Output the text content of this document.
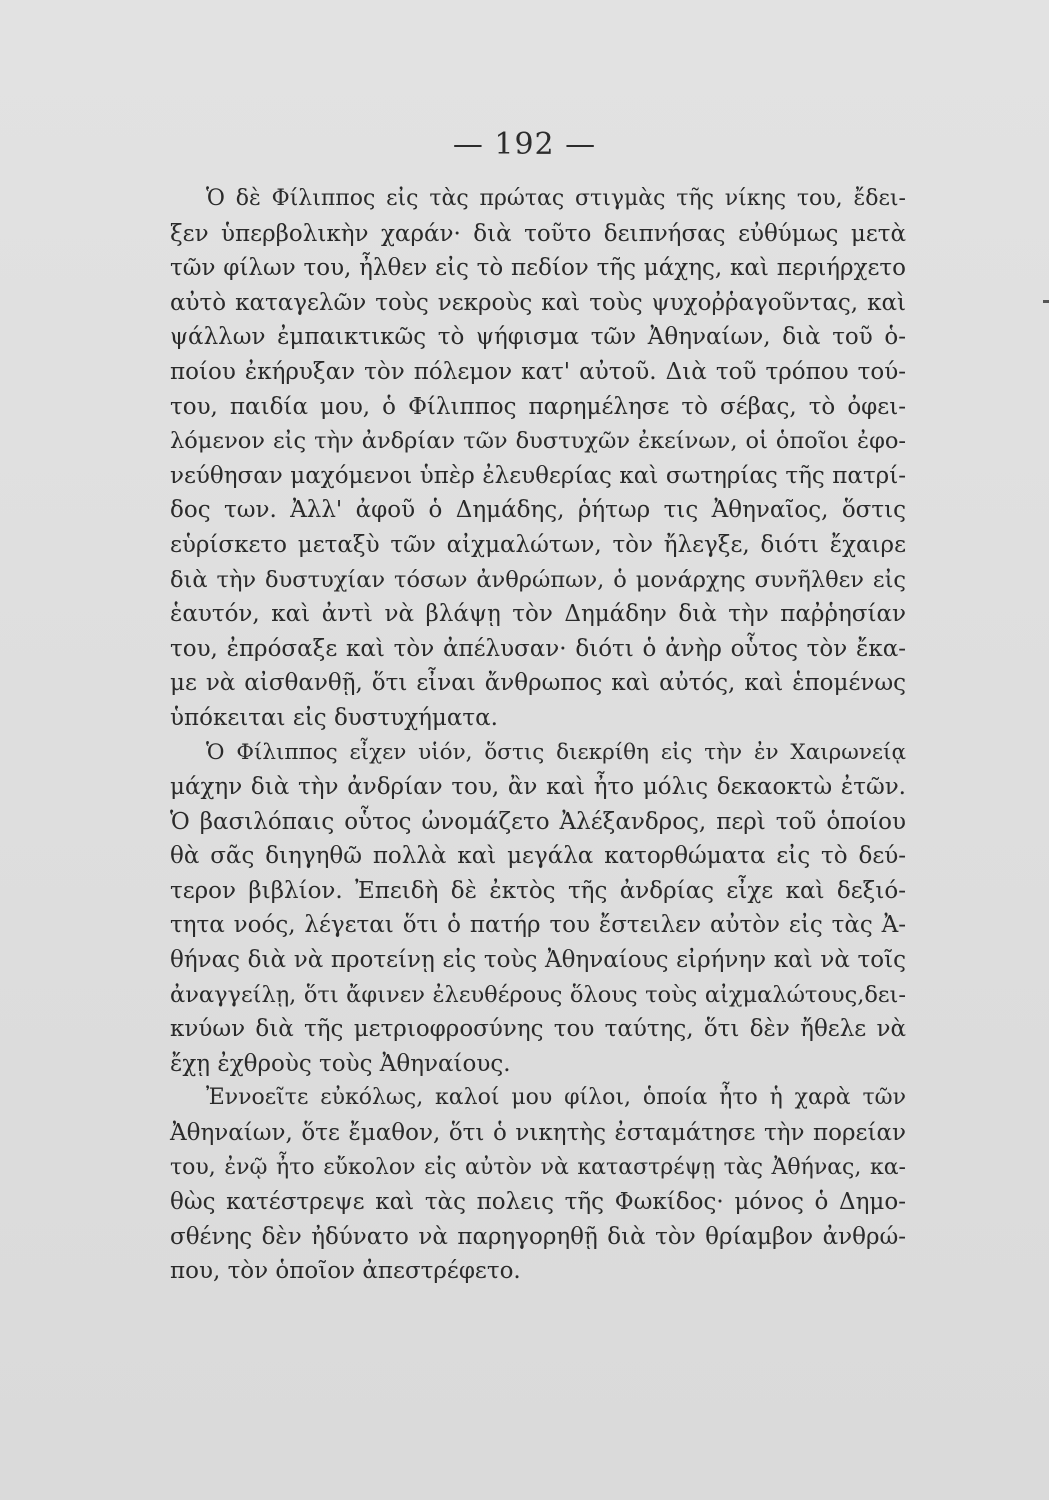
— 192 —
Ὁ δὲ Φίλιππος εἰς τὰς πρώτας στιγμὰς τῆς νίκης του, ἔδει-
ξεν ὑπερβολικὴν χαράν· διὰ τοῦτο δειπνήσας εὐθύμως μετὰ
τῶν φίλων του, ἦλθεν εἰς τὸ πεδίον τῆς μάχης, καὶ περιήρχετο
αὐτὸ καταγελῶν τοὺς νεκροὺς καὶ τοὺς ψυχοῤῥαγοῦντας, καὶ
ψάλλων ἐμπαικτικῶς τὸ ψήφισμα τῶν Ἀθηναίων, διὰ τοῦ ὁ-
ποίου ἐκήρυξαν τὸν πόλεμον κατ' αὐτοῦ. Διὰ τοῦ τρόπου τού-
του, παιδία μου, ὁ Φίλιππος παρημέλησε τὸ σέβας, τὸ ὀφει-
λόμενον εἰς τὴν ἀνδρίαν τῶν δυστυχῶν ἐκείνων, οἱ ὁποῖοι ἐφο-
νεύθησαν μαχόμενοι ὑπὲρ ἐλευθερίας καὶ σωτηρίας τῆς πατρί-
δος των. Ἀλλ' ἀφοῦ ὁ Δημάδης, ῥήτωρ τις Ἀθηναῖος, ὅστις
εὑρίσκετο μεταξὺ τῶν αἰχμαλώτων, τὸν ἤλεγξε, διότι ἔχαιρε
διὰ τὴν δυστυχίαν τόσων ἀνθρώπων, ὁ μονάρχης συνῆλθεν εἰς
ἑαυτόν, καὶ ἀντὶ νὰ βλάψῃ τὸν Δημάδην διὰ τὴν παῤῥησίαν
του, ἐπρόσαξε καὶ τὸν ἀπέλυσαν· διότι ὁ ἀνὴρ οὗτος τὸν ἔκα-
με νὰ αἰσθανθῇ, ὅτι εἶναι ἄνθρωπος καὶ αὐτός, καὶ ἑπομένως
ὑπόκειται εἰς δυστυχήματα.
Ὁ Φίλιππος εἶχεν υἱόν, ὅστις διεκρίθη εἰς τὴν ἐν Χαιρωνείᾳ
μάχην διὰ τὴν ἀνδρίαν του, ἂν καὶ ἦτο μόλις δεκαοκτὼ ἐτῶν.
Ὁ βασιλόπαις οὗτος ὠνομάζετο Ἀλέξανδρος, περὶ τοῦ ὁποίου
θὰ σᾶς διηγηθῶ πολλὰ καὶ μεγάλα κατορθώματα εἰς τὸ δεύ-
τερον βιβλίον. Ἐπειδὴ δὲ ἐκτὸς τῆς ἀνδρίας εἶχε καὶ δεξιό-
τητα νοός, λέγεται ὅτι ὁ πατήρ του ἔστειλεν αὐτὸν εἰς τὰς Ἀ-
θήνας διὰ νὰ προτείνῃ εἰς τοὺς Ἀθηναίους εἰρήνην καὶ νὰ τοῖς
ἀναγγείλῃ, ὅτι ἄφινεν ἐλευθέρους ὅλους τοὺς αἰχμαλώτους,δει-
κνύων διὰ τῆς μετριοφροσύνης του ταύτης, ὅτι δὲν ἤθελε νὰ
ἔχῃ ἐχθροὺς τοὺς Ἀθηναίους.
Ἐννοεῖτε εὐκόλως, καλοί μου φίλοι, ὁποία ἦτο ἡ χαρὰ τῶν
Ἀθηναίων, ὅτε ἔμαθον, ὅτι ὁ νικητὴς ἐσταμάτησε τὴν πορείαν
του, ἐνῷ ἦτο εὔκολον εἰς αὐτὸν νὰ καταστρέψῃ τὰς Ἀθήνας, κα-
θὼς κατέστρεψε καὶ τὰς πολεις τῆς Φωκίδος· μόνος ὁ Δημο-
σθένης δὲν ἠδύνατο νὰ παρηγορηθῇ διὰ τὸν θρίαμβον ἀνθρώ-
που, τὸν ὁποῖον ἀπεστρέφετο.
